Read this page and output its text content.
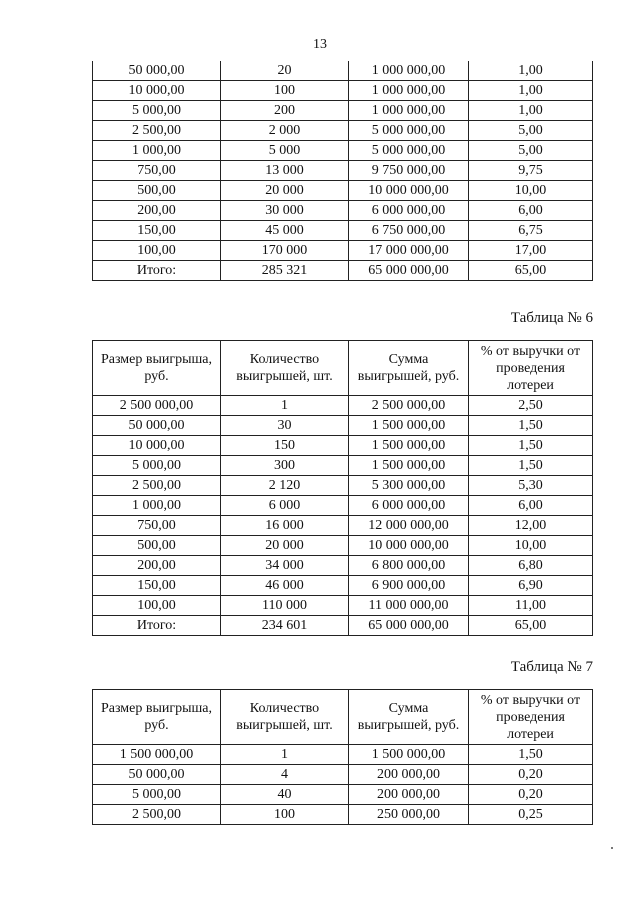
13
50 000,00	20	1 000 000,00	1,00
10 000,00	100	1 000 000,00	1,00
5 000,00	200	1 000 000,00	1,00
2 500,00	2 000	5 000 000,00	5,00
1 000,00	5 000	5 000 000,00	5,00
750,00	13 000	9 750 000,00	9,75
500,00	20 000	10 000 000,00	10,00
200,00	30 000	6 000 000,00	6,00
150,00	45 000	6 750 000,00	6,75
100,00	170 000	17 000 000,00	17,00
Итого:	285 321	65 000 000,00	65,00
Таблица № 6
Размер выигрыша, руб.	Количество выигрышей, шт.	Сумма выигрышей, руб.	% от выручки от проведения лотереи
2 500 000,00	1	2 500 000,00	2,50
50 000,00	30	1 500 000,00	1,50
10 000,00	150	1 500 000,00	1,50
5 000,00	300	1 500 000,00	1,50
2 500,00	2 120	5 300 000,00	5,30
1 000,00	6 000	6 000 000,00	6,00
750,00	16 000	12 000 000,00	12,00
500,00	20 000	10 000 000,00	10,00
200,00	34 000	6 800 000,00	6,80
150,00	46 000	6 900 000,00	6,90
100,00	110 000	11 000 000,00	11,00
Итого:	234 601	65 000 000,00	65,00
Таблица № 7
Размер выигрыша, руб.	Количество выигрышей, шт.	Сумма выигрышей, руб.	% от выручки от проведения лотереи
1 500 000,00	1	1 500 000,00	1,50
50 000,00	4	200 000,00	0,20
5 000,00	40	200 000,00	0,20
2 500,00	100	250 000,00	0,25
